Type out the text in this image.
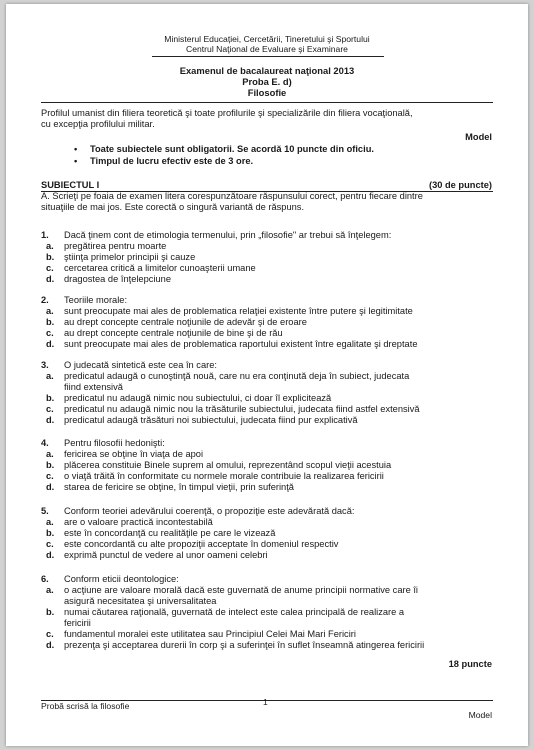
Ministerul Educației, Cercetării, Tineretului şi Sportului
Centrul Naţional de Evaluare şi Examinare
Examenul de bacalaureat naţional 2013
Proba E. d)
Filosofie
Profilul umanist din filiera teoretică şi toate profilurile şi specializările din filiera vocaţională,
cu excepţia profilului militar.
Model
• Toate subiectele sunt obligatorii. Se acordă 10 puncte din oficiu.
• Timpul de lucru efectiv este de 3 ore.
SUBIECTUL I	(30 de puncte)
A. Scrieţi pe foaia de examen litera corespunzătoare răspunsului corect, pentru fiecare dintre
situaţiile de mai jos. Este corectă o singură variantă de răspuns.
1. Dacă ţinem cont de etimologia termenului, prin „filosofie" ar trebui să înţelegem:
a. pregătirea pentru moarte
b. ştiinţa primelor principii şi cauze
c. cercetarea critică a limitelor cunoaşterii umane
d. dragostea de înţelepciune
2. Teoriile morale:
a. sunt preocupate mai ales de problematica relaţiei existente între putere şi legitimitate
b. au drept concepte centrale noţiunile de adevăr şi de eroare
c. au drept concepte centrale noţiunile de bine şi de rău
d. sunt preocupate mai ales de problematica raportului existent între egalitate şi dreptate
3. O judecată sintetică este cea în care:
a. predicatul adaugă o cunoştinţă nouă, care nu era conţinută deja în subiect, judecata
fiind extensivă
b. predicatul nu adaugă nimic nou subiectului, ci doar îl explicitează
c. predicatul nu adaugă nimic nou la trăsăturile subiectului, judecata fiind astfel extensivă
d. predicatul adaugă trăsături noi subiectului, judecata fiind pur explicativă
4. Pentru filosofii hedonişti:
a. fericirea se obţine în viaţa de apoi
b. plăcerea constituie Binele suprem al omului, reprezentând scopul vieţii acestuia
c. o viaţă trăită în conformitate cu normele morale contribuie la realizarea fericirii
d. starea de fericire se obţine, în timpul vieţii, prin suferinţă
5. Conform teoriei adevărului coerenţă, o propoziţie este adevărată dacă:
a. are o valoare practică incontestabilă
b. este în concordanţă cu realităţile pe care le vizează
c. este concordantă cu alte propoziţii acceptate în domeniul respectiv
d. exprimă punctul de vedere al unor oameni celebri
6. Conform eticii deontologice:
a. o acţiune are valoare morală dacă este guvernată de anume principii normative care îi
asigură necesitatea şi universalitatea
b. numai căutarea raţională, guvernată de intelect este calea principală de realizare a
fericirii
c. fundamentul moralei este utilitatea sau Principiul Celei Mai Mari Fericiri
d. prezenţa şi acceptarea durerii în corp şi a suferinţei în suflet înseamnă atingerea fericirii
18 puncte
Probă scrisă la filosofie	1
Model
